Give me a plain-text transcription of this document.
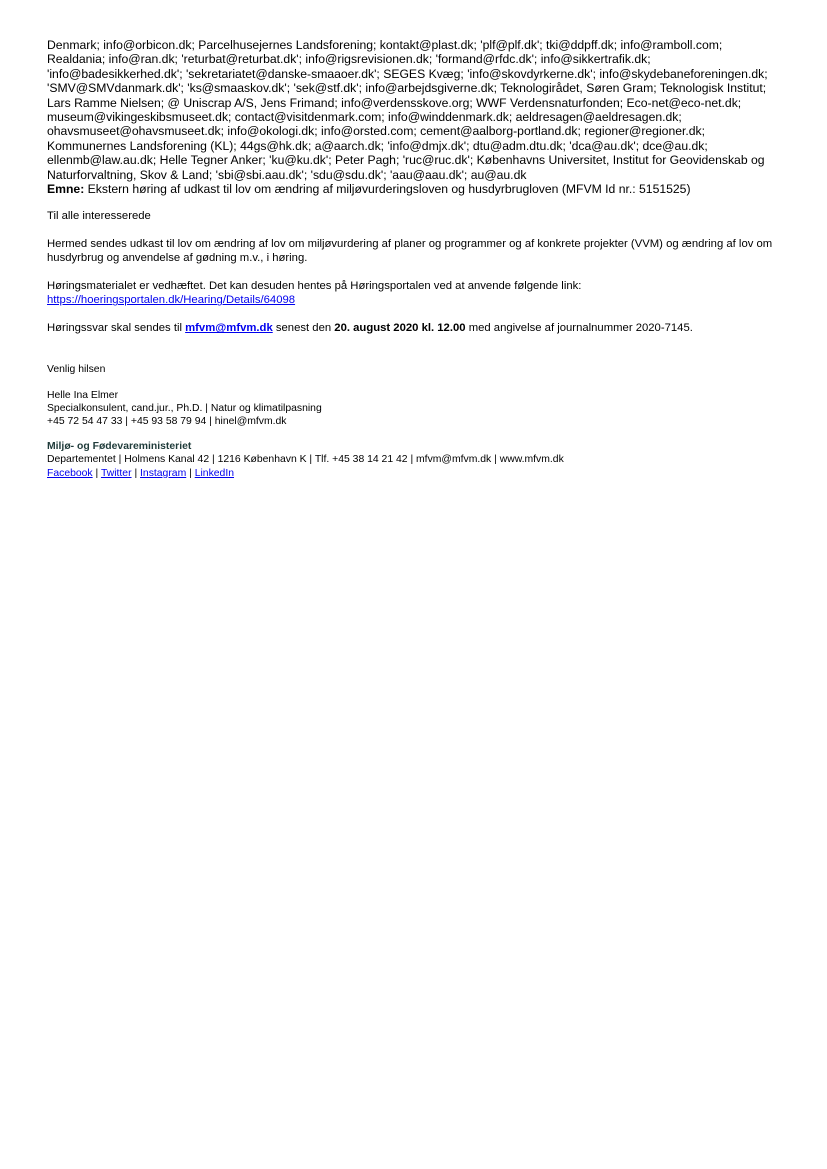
Denmark; info@orbicon.dk; Parcelhusejernes Landsforening; kontakt@plast.dk; 'plf@plf.dk'; tki@ddpff.dk; info@ramboll.com;
Realdania; info@ran.dk; 'returbat@returbat.dk'; info@rigsrevisionen.dk; 'formand@rfdc.dk'; info@sikkertrafik.dk;
'info@badesikkerhed.dk'; 'sekretariatet@danske-smaaoer.dk'; SEGES Kvæg; 'info@skovdyrkerne.dk'; info@skydebaneforeningen.dk;
'SMV@SMVdanmark.dk'; 'ks@smaaskov.dk'; 'sek@stf.dk'; info@arbejdsgiverne.dk; Teknologirådet, Søren Gram; Teknologisk Institut;
Lars Ramme Nielsen; @ Uniscrap A/S, Jens Frimand; info@verdensskove.org; WWF Verdensnaturfonden; Eco-net@eco-net.dk;
museum@vikingeskibsmuseet.dk; contact@visitdenmark.com; info@winddenmark.dk; aeldresagen@aeldresagen.dk;
ohavsmuseet@ohavsmuseet.dk; info@okologi.dk; info@orsted.com; cement@aalborg-portland.dk; regioner@regioner.dk;
Kommunernes Landsforening (KL); 44gs@hk.dk; a@aarch.dk; 'info@dmjx.dk'; dtu@adm.dtu.dk; 'dca@au.dk'; dce@au.dk;
ellenmb@law.au.dk; Helle Tegner Anker; 'ku@ku.dk'; Peter Pagh; 'ruc@ruc.dk'; Københavns Universitet, Institut for Geovidenskab og
Naturforvaltning, Skov & Land; 'sbi@sbi.aau.dk'; 'sdu@sdu.dk'; 'aau@aau.dk'; au@au.dk
Emne: Ekstern høring af udkast til lov om ændring af miljøvurderingsloven og husdyrbrugloven (MFVM Id nr.: 5151525)

Til alle interesserede

Hermed sendes udkast til lov om ændring af lov om miljøvurdering af planer og programmer og af konkrete projekter (VVM) og ændring af lov om husdyrbrug og anvendelse af gødning m.v., i høring.

Høringsmaterialet er vedhæftet. Det kan desuden hentes på Høringsportalen ved at anvende følgende link:
https://hoeringsportalen.dk/Hearing/Details/64098

Høringssvar skal sendes til mfvm@mfvm.dk senest den 20. august 2020 kl. 12.00 med angivelse af journalnummer 2020-7145.

Venlig hilsen

Helle Ina Elmer

Specialkonsulent, cand.jur., Ph.D. | Natur og klimatilpasning

+45 72 54 47 33 | +45 93 58 79 94 | hinel@mfvm.dk

Miljø- og Fødevareministeriet

Departementet | Holmens Kanal 42 | 1216 København K | Tlf. +45 38 14 21 42 | mfvm@mfvm.dk | www.mfvm.dk

Facebook | Twitter | Instagram | LinkedIn
